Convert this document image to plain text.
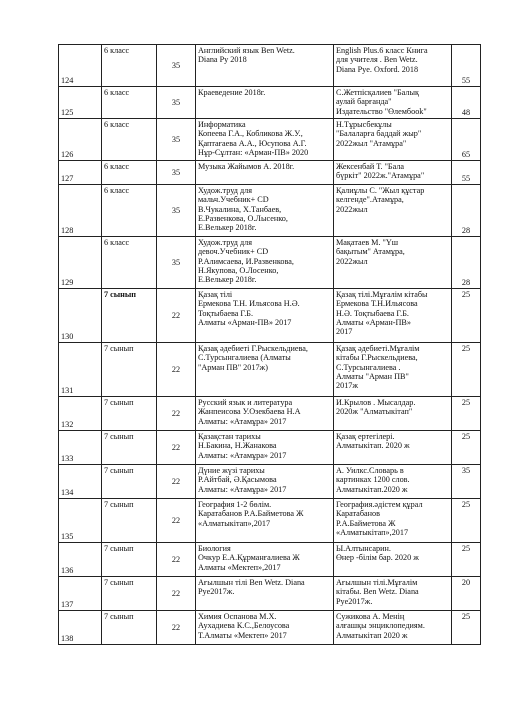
124	6 класс	35	Английский язык Ben Wetz.
Diana Py 2018	English Plus.6 класс Книга
для учителя . Ben Wetz.
Diana Pye. Oxford. 2018	55
125	6 класс	35	Краеведение 2018г.	С.Жетпісқалиев "Балық
аулай барғанда"
Издательство "Өлембook"	48
126	6 класс	35	Информатика
Копеева Г.А., Кобликова Ж.У.,
Қаптағаева А.А., Юсупова А.Г.
Нұр-Сұлтан: «Арман-ПВ» 2020	Н.Тұрысбекұлы
"Балаларға баддай жыр"
2022жыл "Атамұра"	65
127	6 класс	35	Музыка Жайымов А. 2018г.	Жексенбай Т. "Бала
бүркіт" 2022ж."Атамұра"	55
128	6 класс	35	Худож.труд для
мальч.Учебник+ CD
В.Чукалина, Х.Танбаев,
Е.Развенкова, О.Лысенко,
Е.Велькер 2018г.	Қалиұлы С. "Жыл құстар
келгенде".Атамұра,
2022жыл	28
129	6 класс	35	Худож.труд для
девоч.Учебник+ CD
Р.Алимсаева, И.Развенкова,
Н.Якупова, О.Лосенко,
Е.Велькер 2018г.	Мақатаев М. "Үш
бақытым" Атамұра,
2022жыл	28
130	7 сынып	22	Қазақ тілі
Ермекова Т.Н. Ильясова Н.Ә.
Тоқтыбаева Г.Б.
Алматы «Арман-ПВ» 2017	Қазақ тілі.Мұғалім кітабы
Ермекова Т.Н.Ильясова
Н.Ә. Тоқтыбаева Г.Б.
Алматы «Арман-ПВ»
2017	25
131	7 сынып	22	Қазақ әдебиеті Г.Рыскельдиева,
С.Турсынгалиева (Алматы
"Арман ПВ" 2017ж)	Қазақ әдебиеті.Мұғалім
кітабы Г.Рыскельдиева,
С.Турсынгалиева .
Алматы "Арман ПВ"
2017ж	25
132	7 сынып	22	Русский язык и литература
Жанпеисова У.Озекбаева Н.А
Алматы: «Атамұра» 2017	И.Крылов . Мысалдар.
2020ж "Алматыкітап"	25
133	7 сынып	22	Қазақстан тарихы
Н.Бакина, Н.Жанакова
Алматы: «Атамұра» 2017	Қазақ ертегілері.
Алматыкітап. 2020 ж	25
134	7 сынып	22	Дүние жүзі тарихы
Р.Айтбай, Ә.Қасымова
Алматы: «Атамұра» 2017	А. Уилкс.Словарь в
картинках 1200 слов.
Алматыкітап.2020 ж	35
135	7 сынып	22	География 1-2 бөлім.
Каратабанов Р.А.Байметова Ж
«Алматыкітап»,2017	География.әдістем құрал
Каратабанов
Р.А.Байметова Ж
«Алматыкітап»,2017	25
136	7 сынып	22	Биология
Очкур Е.А.Құрманғалиева Ж
Алматы «Мектеп»,2017	Ы.Алтынсарин.
Өнер -білім бар. 2020 ж	25
137	7 сынып	22	Ағылшын тілі Ben Wetz. Diana
Pye2017ж.	Ағылшын тілі.Мұғалім
кітабы. Ben Wetz. Diana
Pye2017ж.	20
138	7 сынып	22	Химия Оспанова М.Х.
Аухадиева К.С.,Белоусова
Т.Алматы «Мектеп» 2017	Сужикова А. Менің
алғашқы энциклопедиям.
Алматыкітап 2020 ж	25
